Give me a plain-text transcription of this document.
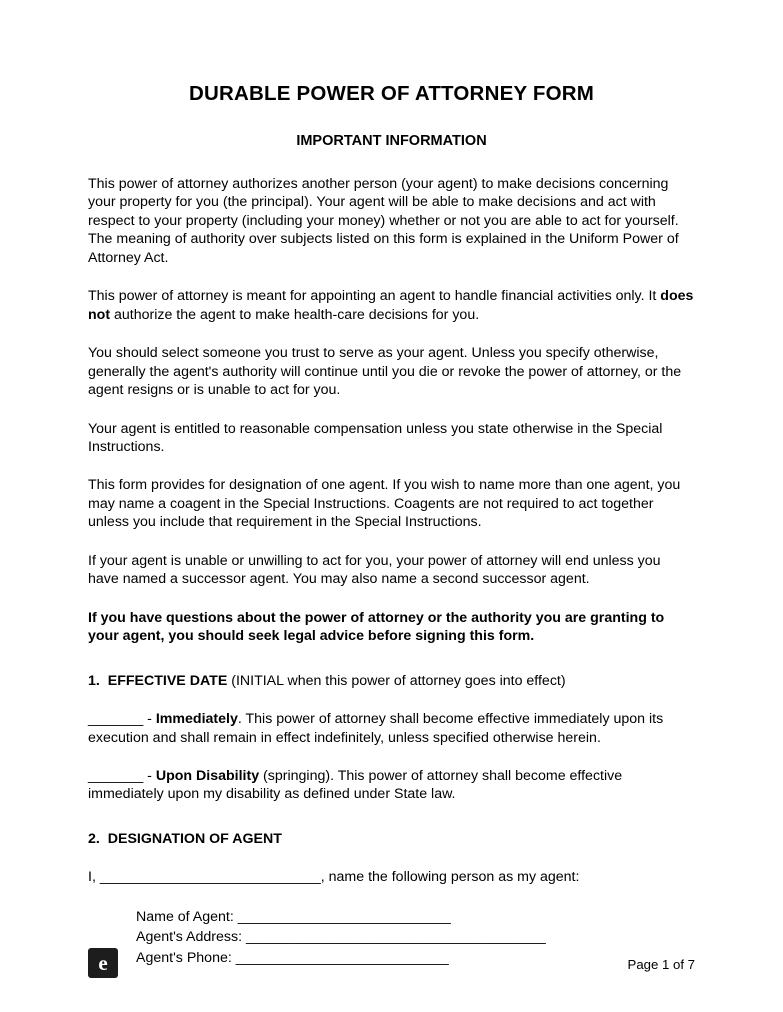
DURABLE POWER OF ATTORNEY FORM
IMPORTANT INFORMATION

This power of attorney authorizes another person (your agent) to make decisions concerning your property for you (the principal). Your agent will be able to make decisions and act with respect to your property (including your money) whether or not you are able to act for yourself. The meaning of authority over subjects listed on this form is explained in the Uniform Power of Attorney Act.

This power of attorney is meant for appointing an agent to handle financial activities only. It does not authorize the agent to make health-care decisions for you.

You should select someone you trust to serve as your agent. Unless you specify otherwise, generally the agent's authority will continue until you die or revoke the power of attorney, or the agent resigns or is unable to act for you.

Your agent is entitled to reasonable compensation unless you state otherwise in the Special Instructions.

This form provides for designation of one agent. If you wish to name more than one agent, you may name a coagent in the Special Instructions. Coagents are not required to act together unless you include that requirement in the Special Instructions.

If your agent is unable or unwilling to act for you, your power of attorney will end unless you have named a successor agent. You may also name a second successor agent.

If you have questions about the power of attorney or the authority you are granting to your agent, you should seek legal advice before signing this form.

1. EFFECTIVE DATE (INITIAL when this power of attorney goes into effect)

_______ - Immediately. This power of attorney shall become effective immediately upon its execution and shall remain in effect indefinitely, unless specified otherwise herein.

_______ - Upon Disability (springing). This power of attorney shall become effective immediately upon my disability as defined under State law.

2. DESIGNATION OF AGENT

I, ____________________________, name the following person as my agent:

Name of Agent: ___________________________
Agent's Address: ______________________________________
Agent's Phone: ___________________________
e	Page 1 of 7
